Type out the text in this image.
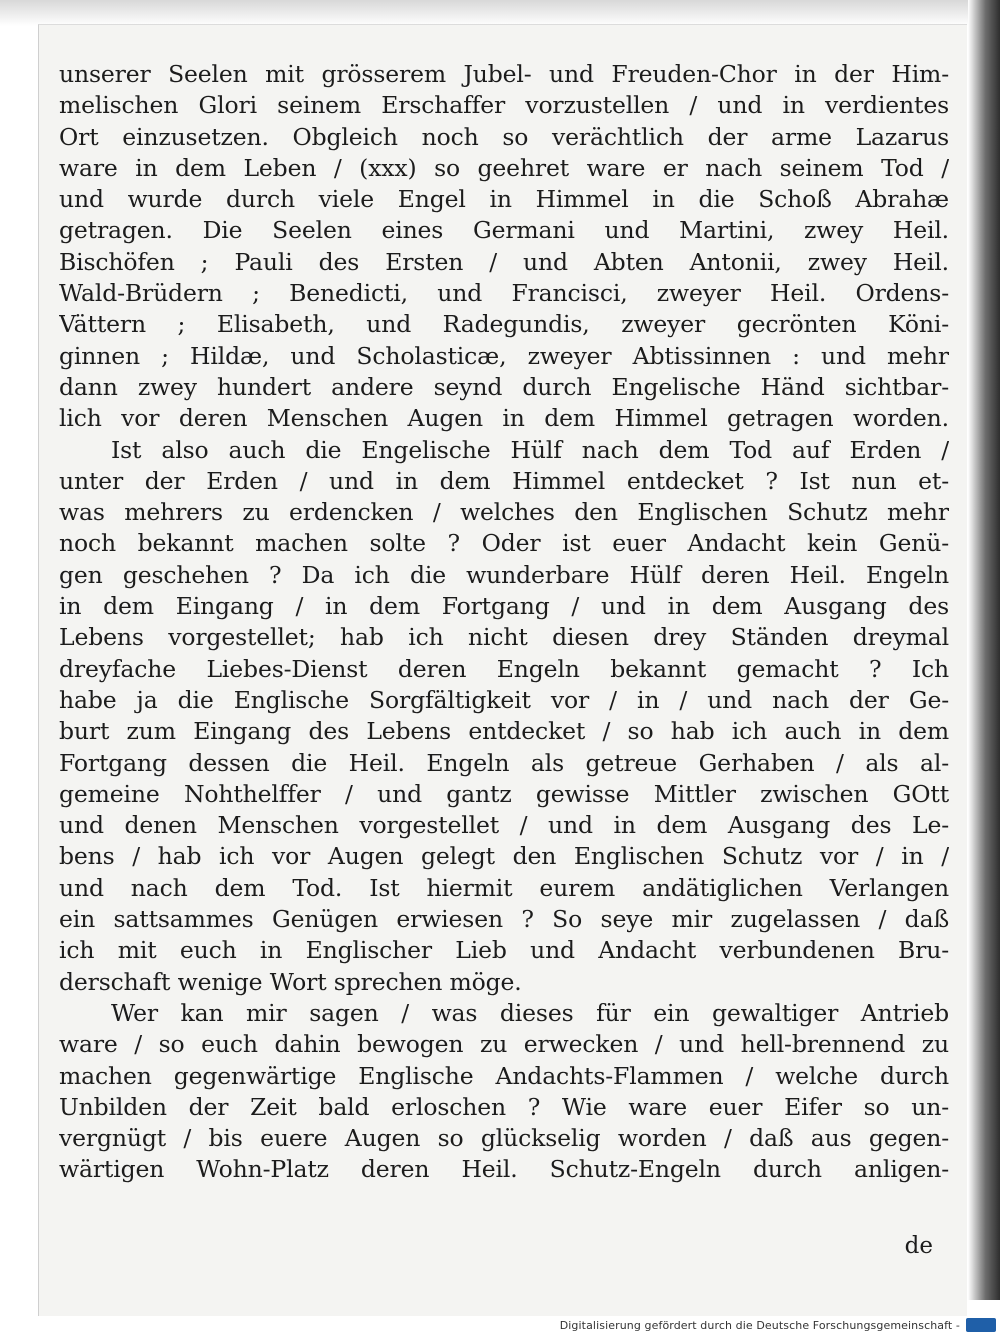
unserer Seelen mit grösserem Jubel- und Freuden-Chor in der Him-
melischen Glori seinem Erschaffer vorzustellen / und in verdientes
Ort einzusetzen. Obgleich noch so verächtlich der arme Lazarus
ware in dem Leben / (xxx) so geehret ware er nach seinem Tod /
und wurde durch viele Engel in Himmel in die Schoß Abrahæ
getragen. Die Seelen eines Germani und Martini, zwey Heil.
Bischöfen ; Pauli des Ersten / und Abten Antonii, zwey Heil.
Wald-Brüdern ; Benedicti, und Francisci, zweyer Heil. Ordens-
Vättern ; Elisabeth, und Radegundis, zweyer gecrönten Köni-
ginnen ; Hildæ, und Scholasticæ, zweyer Abtissinnen : und mehr
dann zwey hundert andere seynd durch Engelische Händ sichtbar-
lich vor deren Menschen Augen in dem Himmel getragen worden.
Ist also auch die Engelische Hülf nach dem Tod auf Erden /
unter der Erden / und in dem Himmel entdecket ? Ist nun et-
was mehrers zu erdencken / welches den Englischen Schutz mehr
noch bekannt machen solte ? Oder ist euer Andacht kein Genü-
gen geschehen ? Da ich die wunderbare Hülf deren Heil. Engeln
in dem Eingang / in dem Fortgang / und in dem Ausgang des
Lebens vorgestellet; hab ich nicht diesen drey Ständen dreymal
dreyfache Liebes-Dienst deren Engeln bekannt gemacht ? Ich
habe ja die Englische Sorgfältigkeit vor / in / und nach der Ge-
burt zum Eingang des Lebens entdecket / so hab ich auch in dem
Fortgang dessen die Heil. Engeln als getreue Gerhaben / als al-
gemeine Nohthelffer / und gantz gewisse Mittler zwischen GOtt
und denen Menschen vorgestellet / und in dem Ausgang des Le-
bens / hab ich vor Augen gelegt den Englischen Schutz vor / in /
und nach dem Tod. Ist hiermit eurem andätiglichen Verlangen
ein sattsammes Genügen erwiesen ? So seye mir zugelassen / daß
ich mit euch in Englischer Lieb und Andacht verbundenen Bru-
derschaft wenige Wort sprechen möge.
Wer kan mir sagen / was dieses für ein gewaltiger Antrieb
ware / so euch dahin bewogen zu erwecken / und hell-brennend zu
machen gegenwärtige Englische Andachts-Flammen / welche durch
Unbilden der Zeit bald erloschen ? Wie ware euer Eifer so un-
vergnügt / bis euere Augen so glückselig worden / daß aus gegen-
wärtigen Wohn-Platz deren Heil. Schutz-Engeln durch anligen-
de
Digitalisierung gefördert durch die Deutsche Forschungsgemeinschaft -
